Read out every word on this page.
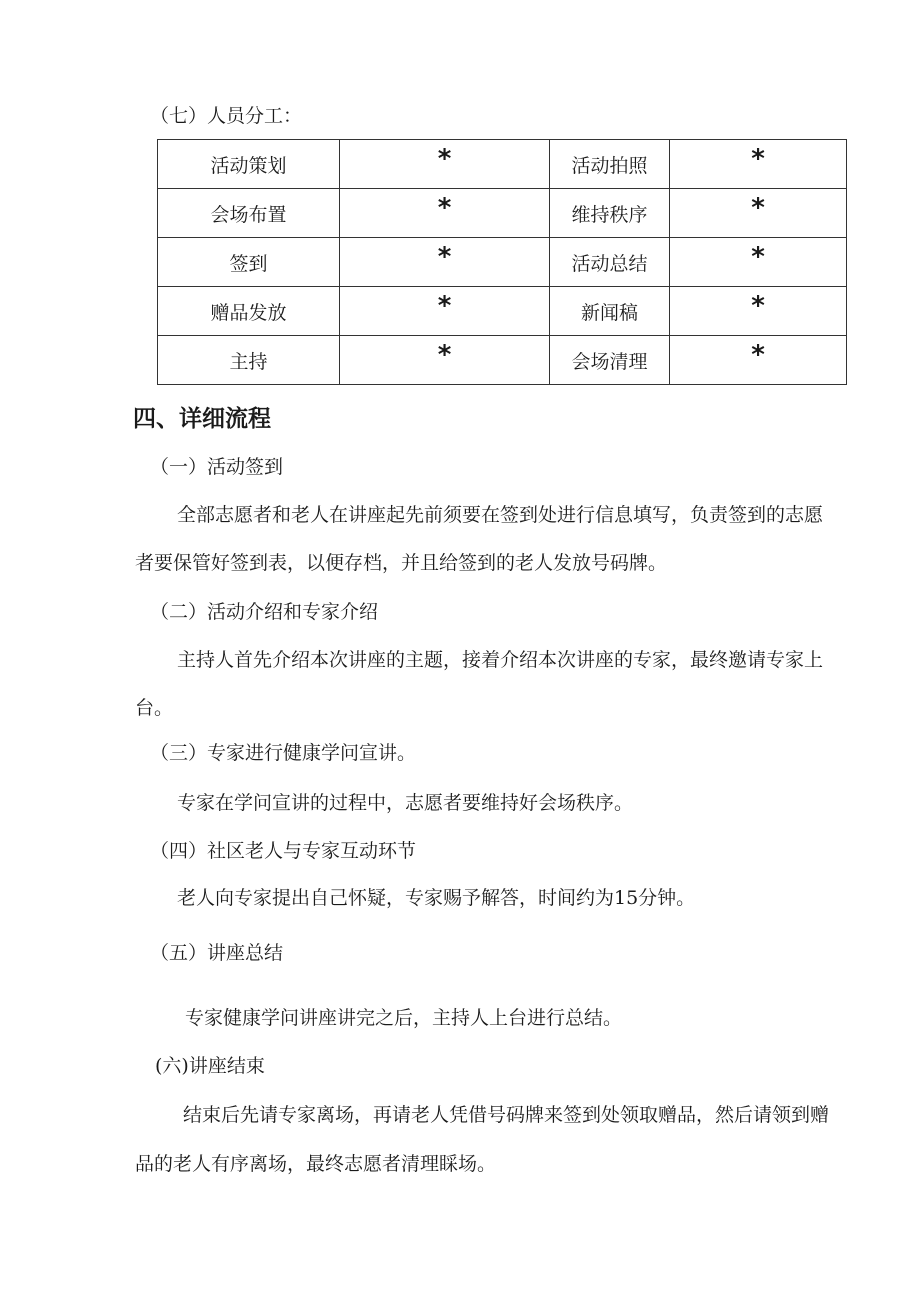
（七）人员分工：
活动策划	*	活动拍照	*
会场布置	*	维持秩序	*
签到	*	活动总结	*
赠品发放	*	新闻稿	*
主持	*	会场清理	*
四、详细流程
（一）活动签到
全部志愿者和老人在讲座起先前须要在签到处进行信息填写，负责签到的志愿
者要保管好签到表，以便存档，并且给签到的老人发放号码牌。
（二）活动介绍和专家介绍
主持人首先介绍本次讲座的主题，接着介绍本次讲座的专家，最终邀请专家上
台。
（三）专家进行健康学问宣讲。
专家在学问宣讲的过程中，志愿者要维持好会场秩序。
（四）社区老人与专家互动环节
老人向专家提出自己怀疑，专家赐予解答，时间约为15分钟。
（五）讲座总结
专家健康学问讲座讲完之后，主持人上台进行总结。
(六)讲座结束
结束后先请专家离场，再请老人凭借号码牌来签到处领取赠品，然后请领到赠
品的老人有序离场，最终志愿者清理睬场。
